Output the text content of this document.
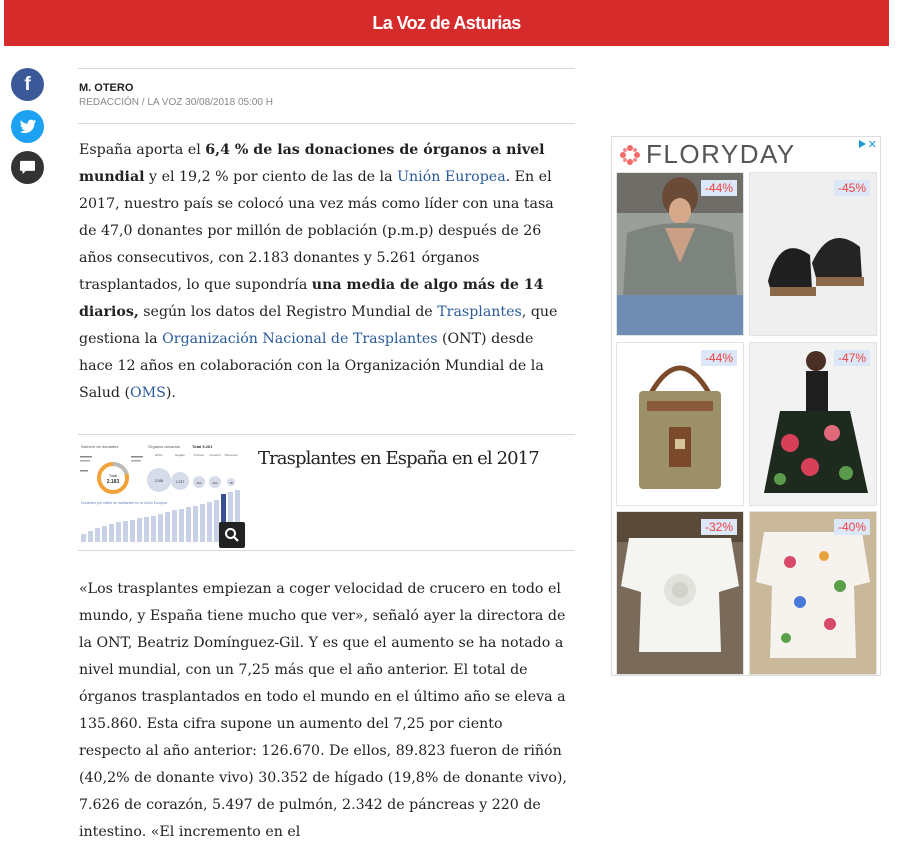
La Voz de Asturias
f	M. OTERO
REDACCIÓN / LA VOZ 30/08/2018 05:00 H
España aporta el 6,4 % de las donaciones de órganos a nivel mundial y el 19,2 % por ciento de las de la Unión Europea. En el 2017, nuestro país se colocó una vez más como líder con una tasa de 47,0 donantes por millón de población (p.m.p) después de 26 años consecutivos, con 2.183 donantes y 5.261 órganos trasplantados, lo que supondría una media de algo más de 14 diarios, según los datos del Registro Mundial de Trasplantes, que gestiona la Organización Nacional de Trasplantes (ONT) desde hace 12 años en colaboración con la Organización Mundial de la Salud (OMS).
Número de donantes	Órganos donados	Total 5.261
Total
2.183
Riñón	Hígado	Pulmón Corazón Páncreas
3.269	1.247	363	304	78
Donantes por millón de habitantes en la Unión Europea
Trasplantes en España en el 2017
«Los trasplantes empiezan a coger velocidad de crucero en todo el mundo, y España tiene mucho que ver», señaló ayer la directora de la ONT, Beatriz Domínguez-Gil. Y es que el aumento se ha notado a nivel mundial, con un 7,25 más que el año anterior. El total de órganos trasplantados en todo el mundo en el último año se eleva a 135.860. Esta cifra supone un aumento del 7,25 por ciento respecto al año anterior: 126.670. De ellos, 89.823 fueron de riñón (40,2% de donante vivo) 30.352 de hígado (19,8% de donante vivo), 7.626 de corazón, 5.497 de pulmón, 2.342 de páncreas y 220 de intestino. «El incremento en el
FLORYDAY	✕
-44%	-45%
-44%	-47%
-32%	-40%
